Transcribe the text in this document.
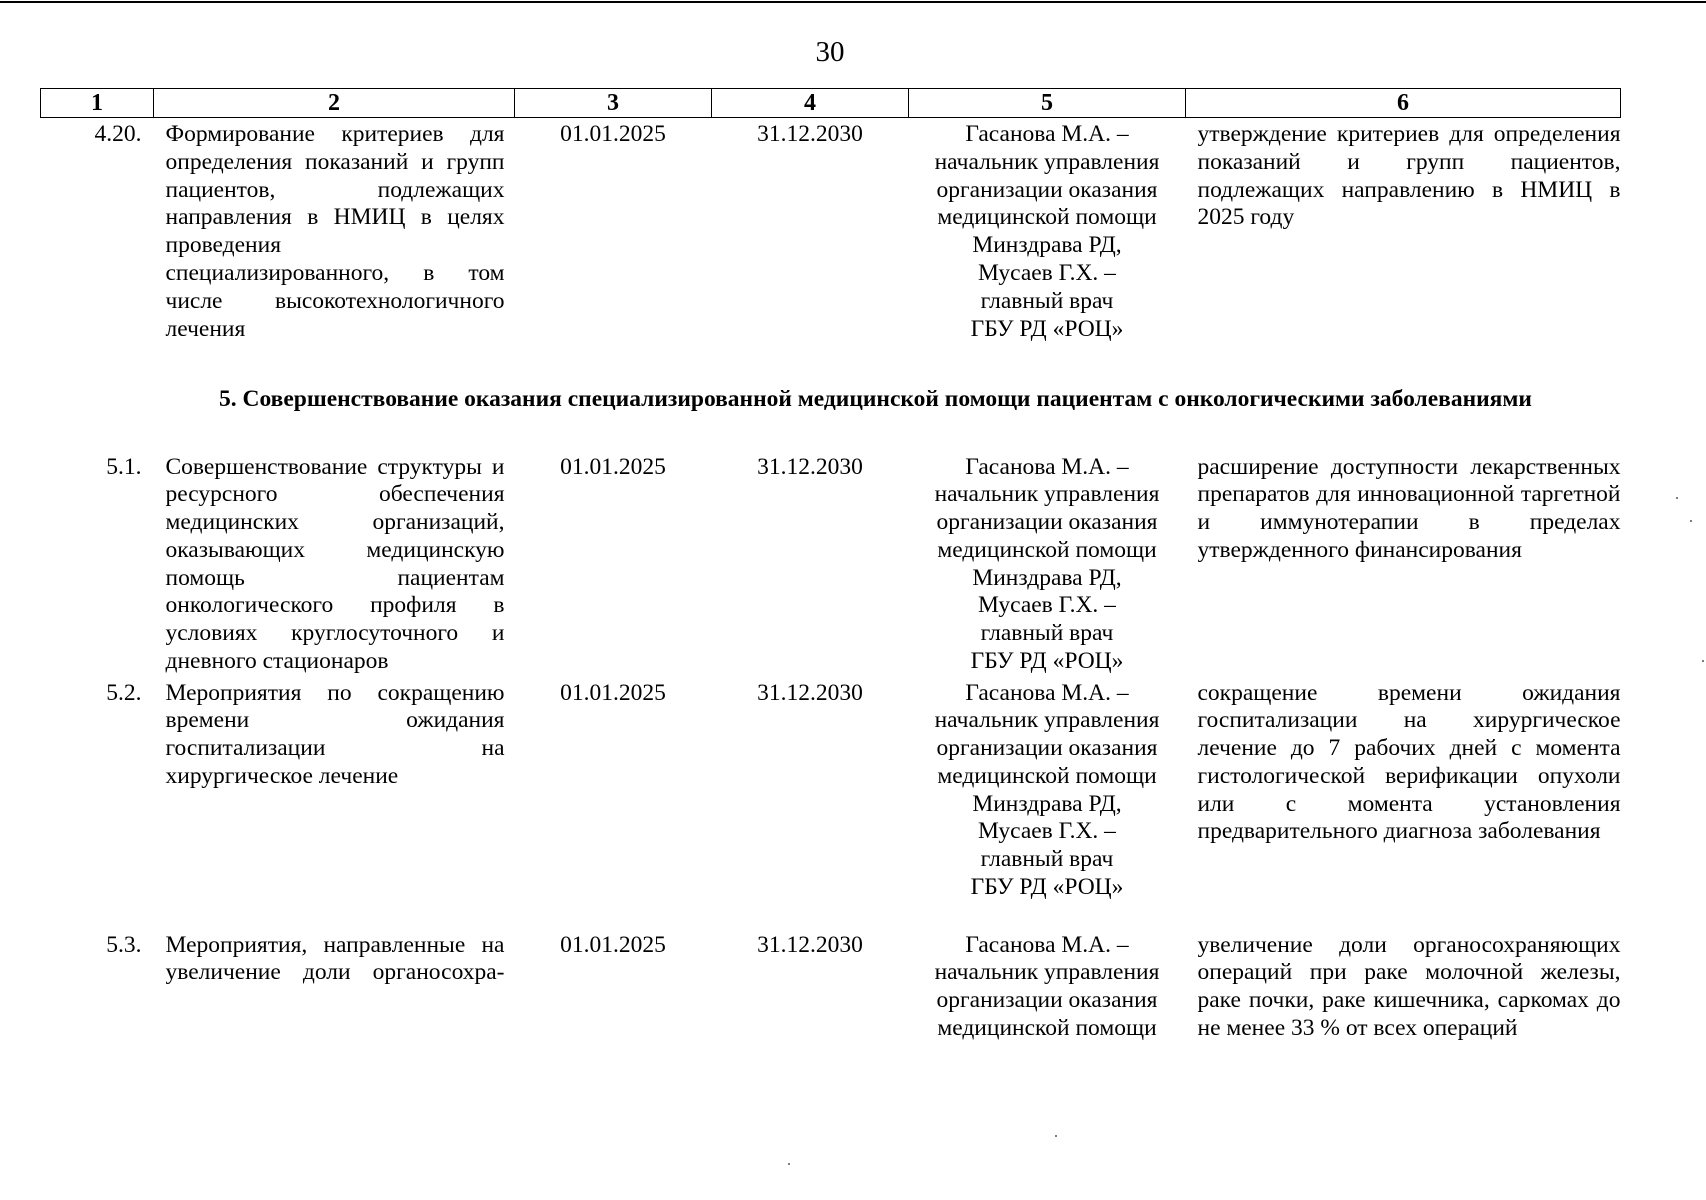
30
1	2	3	4	5	6
4.20.	Формирование критериев для определения показаний и групп пациентов, подлежащих направления в НМИЦ в целях проведения специализированного, в том числе высокотехнологичного лечения	01.01.2025	31.12.2030	Гасанова М.А. – начальник управления организации оказания медицинской помощи
Минздрава РД,
Мусаев Г.Х. –
главный врач
ГБУ РД «РОЦ»	утверждение критериев для определения показаний и групп пациентов, подлежащих направлению в НМИЦ в 2025 году
5. Совершенствование оказания специализированной медицинской помощи пациентам с онкологическими заболеваниями					
5.1.	Совершенствование структуры и ресурсного обеспечения медицинских организаций, оказывающих медицинскую помощь пациентам онкологического профиля в условиях круглосуточного и дневного стационаров	01.01.2025	31.12.2030	Гасанова М.А. – начальник управления организации оказания медицинской помощи
Минздрава РД,
Мусаев Г.Х. –
главный врач
ГБУ РД «РОЦ»	расширение доступности лекарственных препаратов для инновационной таргетной и иммунотерапии в пределах утвержденного финансирования
5.2.	Мероприятия по сокращению времени ожидания госпитализации на хирургическое лечение	01.01.2025	31.12.2030	Гасанова М.А. – начальник управления организации оказания медицинской помощи
Минздрава РД,
Мусаев Г.Х. –
главный врач
ГБУ РД «РОЦ»	сокращение времени ожидания госпитализации на хирургическое лечение до 7 рабочих дней с момента гистологической верификации опухоли или с момента установления предварительного диагноза заболевания
5.3.	Мероприятия, направленные на увеличение доли органосохра-	01.01.2025	31.12.2030	Гасанова М.А. – начальник управления организации оказания медицинской помощи	увеличение доли органосохраняющих операций при раке молочной железы, раке почки, раке кишечника, саркомах до не менее 33 % от всех операций
